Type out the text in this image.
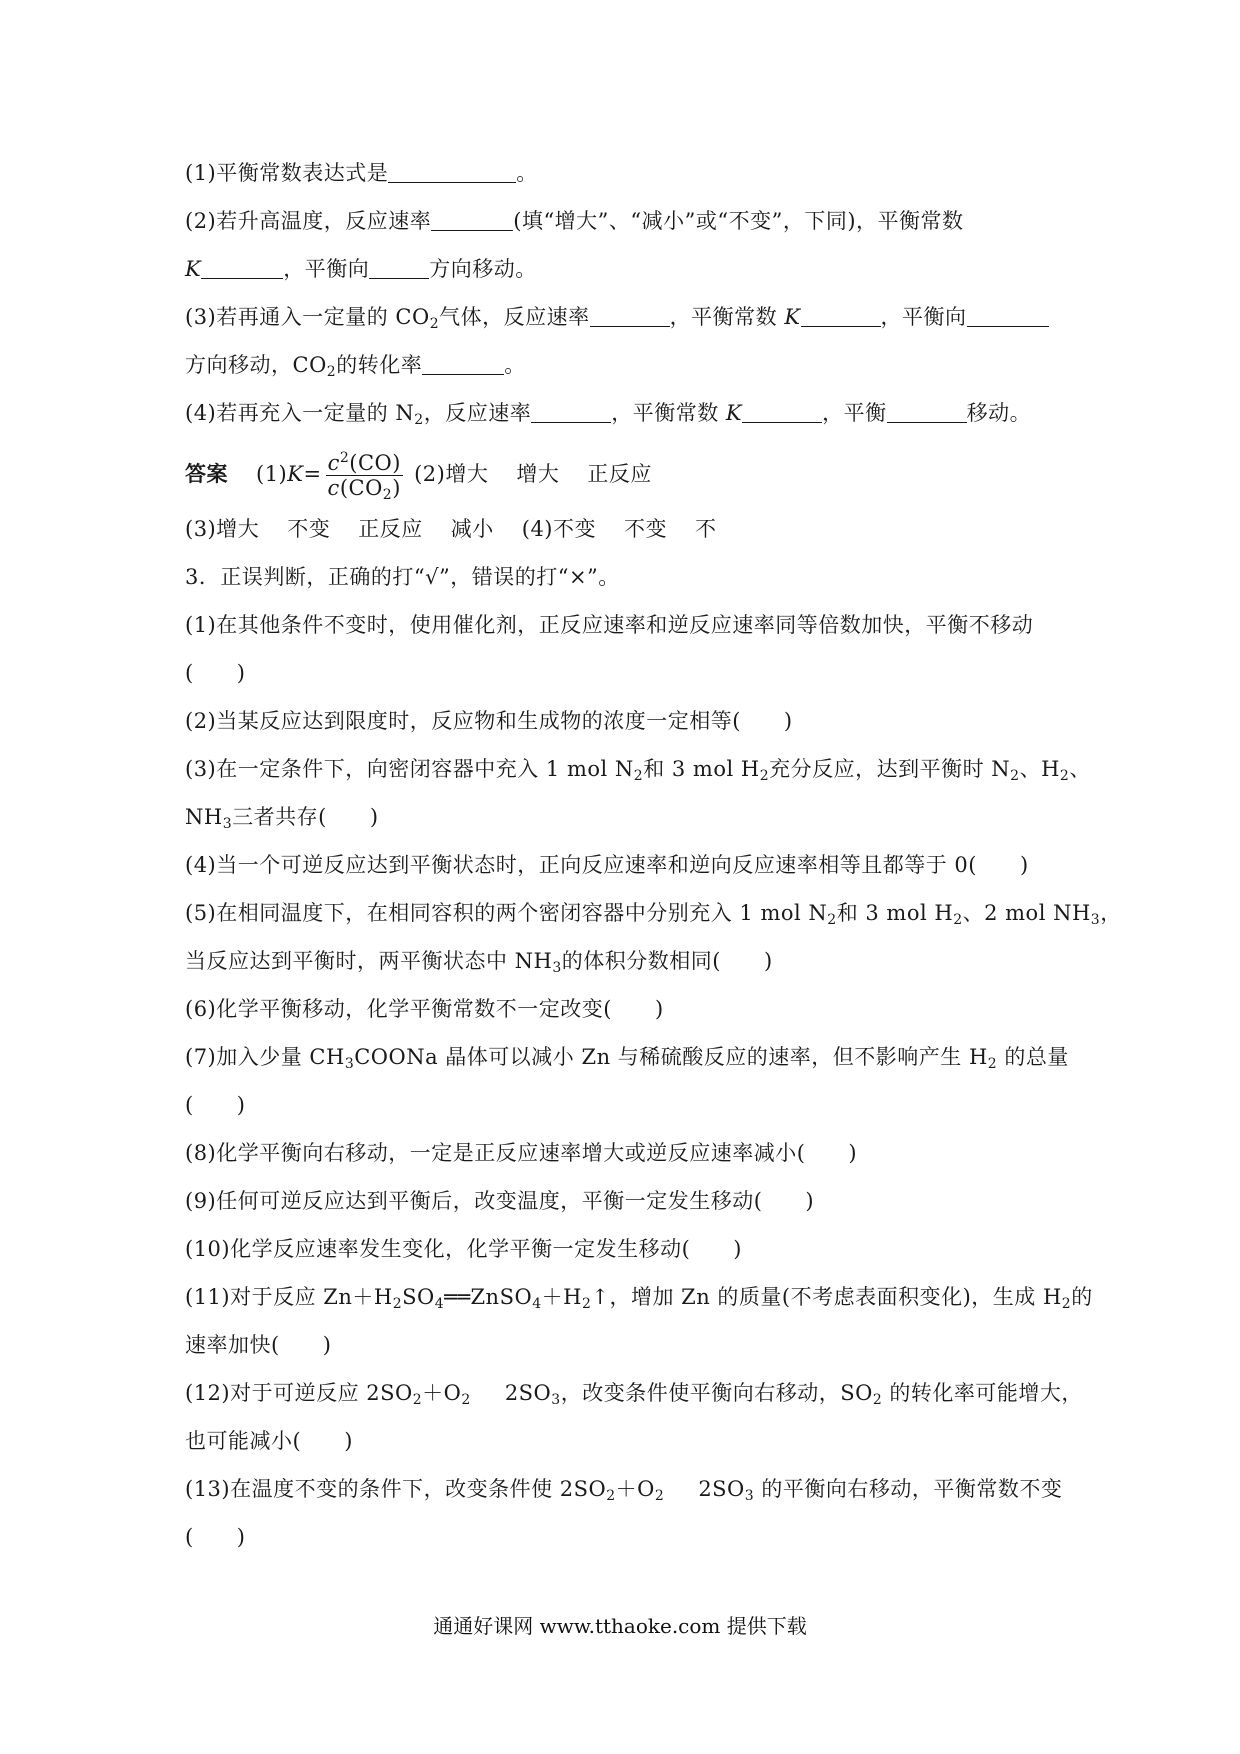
(1)平衡常数表达式是	。
(2)若升高温度，反应速率	(填“增大”、“减小”或“不变”，下同)，平衡常数
K	，平衡向	方向移动。
(3)若再通入一定量的 $CO_2$气体，反应速率	，平衡常数 K	，平衡向
方向移动，$CO_2$的转化率	。
(4)若再充入一定量的 $N_2$，反应速率	，平衡常数 K	，平衡	移动。
答案 $(1)K= \frac{c^2(CO)}{c(CO_2)} (2)$增大 增大 正反应
(3)增大 不变 正反应 减小 (4)不变 不变 不
3．正误判断，正确的打“√”，错误的打“×”。
(1)在其他条件不变时，使用催化剂，正反应速率和逆反应速率同等倍数加快，平衡不移动
(　　)
(2)当某反应达到限度时，反应物和生成物的浓度一定相等(　　)
(3)在一定条件下，向密闭容器中充入 1 mol $N_2$和 3 mol $H_2$充分反应，达到平衡时 $N_2$、$H_2$、
$NH_3$三者共存(　　)
(4)当一个可逆反应达到平衡状态时，正向反应速率和逆向反应速率相等且都等于 0(　　)
(5)在相同温度下，在相同容积的两个密闭容器中分别充入 1 mol $N_2$和 3 mol $H_2$、2 mol $NH_3$，
当反应达到平衡时，两平衡状态中 $NH_3$的体积分数相同(　　)
(6)化学平衡移动，化学平衡常数不一定改变(　　)
(7)加入少量 $CH_3COONa$ 晶体可以减小 Zn 与稀硫酸反应的速率，但不影响产生 $H_2$ 的总量
(　　)
(8)化学平衡向右移动，一定是正反应速率增大或逆反应速率减小(　　)
(9)任何可逆反应达到平衡后，改变温度，平衡一定发生移动(　　)
(10)化学反应速率发生变化，化学平衡一定发生移动(　　)
(11)对于反应 $Zn+H_2SO_4══ZnSO_4+H_2↑$，增加 Zn 的质量(不考虑表面积变化)，生成 $H_2$的
速率加快(　　)
(12)对于可逆反应 $2SO_2+O_2$ $2SO_3$，改变条件使平衡向右移动，$SO_2$ 的转化率可能增大，
也可能减小(　　)
(13)在温度不变的条件下，改变条件使 $2SO_2+O_2$ $2SO_3$ 的平衡向右移动，平衡常数不变
(　　)
通通好课网 www.tthaoke.com 提供下载
